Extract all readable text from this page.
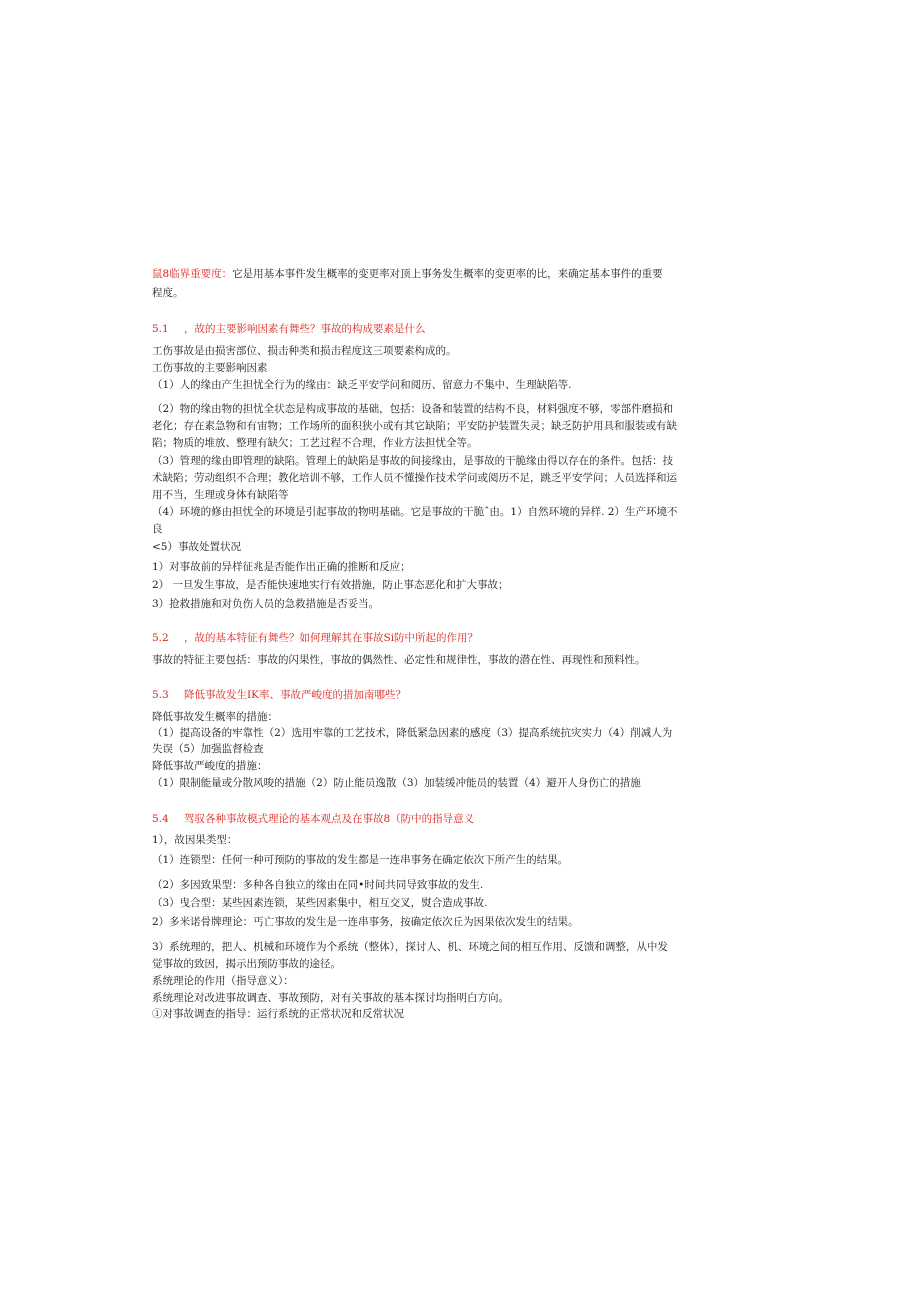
鼠8临界重要度：它是用基本事件发生概率的变更率对顶上事务发生概率的变更率的比，来确定基本事件的重要
程度。
5.1 ，故的主要影响因素有舞些？事故的构成要素是什么
工伤事故是由损害部位、损击种类和损击程度这三项要素构成的。
工伤事故的主要影响因素
（1）人的缘由产生担忧全行为的缘由：缺乏平安学问和阅历、留意力不集中、生理缺陷等.
（2）物的缘由物的担忧全状态是构成事故的基础，包括：设备和装置的结构不良，材料强度不够，零部件磨损和
老化；存在素急物和有宙物；工作场所的面积狭小或有其它缺陷；平安防护装置失灵；缺乏防护用具和服装或有缺
陷；物质的堆放、整理有缺欠；工艺过程不合理，作业方法担忧全等。
（3）管理的缘由即管理的缺陷。管理上的缺陷是事故的间接缘由，是事故的干脆缘由得以存在的条件。包括：技
术缺陷；劳动组织不合理；教化培训不够，工作人员不懂操作技术学问或阅历不足，跳乏平安学问；人员选择和运
用不当，生理或身体有缺陷等
（4）环境的修由担忧全的环境是引起事故的物明基础。它是事故的干脆ˆ由。1）自然环境的异样. 2）生产环境不
良
<5）事故处置状况
1）对事故前的异样征兆是否能作出正确的推断和反应；
2） 一旦发生事故，是否能快速地实行有效措施，防止事态恶化和扩大事故；
3）抢救措施和对负伤人员的急救措施是否妥当。
5.2 ，故的基本特征有舞些？如何理解其在事故Si防中所起的作用？
事故的特征主要包括：事故的闪果性，事故的偶然性、必定性和规律性，事故的潜在性、再现性和预料性。
5.3 降低事故发生IK率、事故严峻度的措加南哪些？
降低事故发生概率的措施：
（1）提高设备的牢靠性（2）选用牢靠的工艺技术，降低紧急因素的感度（3）提高系统抗灾实力（4）削减人为
失误（5）加强监督检查
降低事故严峻度的措施：
（1）限制能量或分散风唆的措施（2）防止能员逸散（3）加装缓冲能员的装置（4）避开人身伤亡的措施
5.4 驾驭各种事故模式理论的基本观点及在事故8（防中的指导意义
1），故因果类型：
（1）连锁型：任何一种可预防的事故的发生都是一连串事务在确定依次下所产生的结果。
（2）多因致果型：多种各自独立的缘由在同•时间共同导致事故的发生.
（3）曳合型：某些因素连锁，某些因素集中，相互交叉，熨合造成事故.
2）多米诺骨牌理论：丐亡事故的发生是一连串事务，按确定依次丘为因果依次发生的结果。
3）系统理的，把人、机械和环境作为个系统（整体），探讨人、机、环境之间的相互作用、反馈和调整，从中发
觉事故的致因，揭示出预防事故的途径。
系统理论的作用（指导意义）：
系统理论对改进事故调查、事故预防，对有关事故的基本探讨均指明白方向。
①对事故调查的指导：运行系统的正常状况和反常状况
